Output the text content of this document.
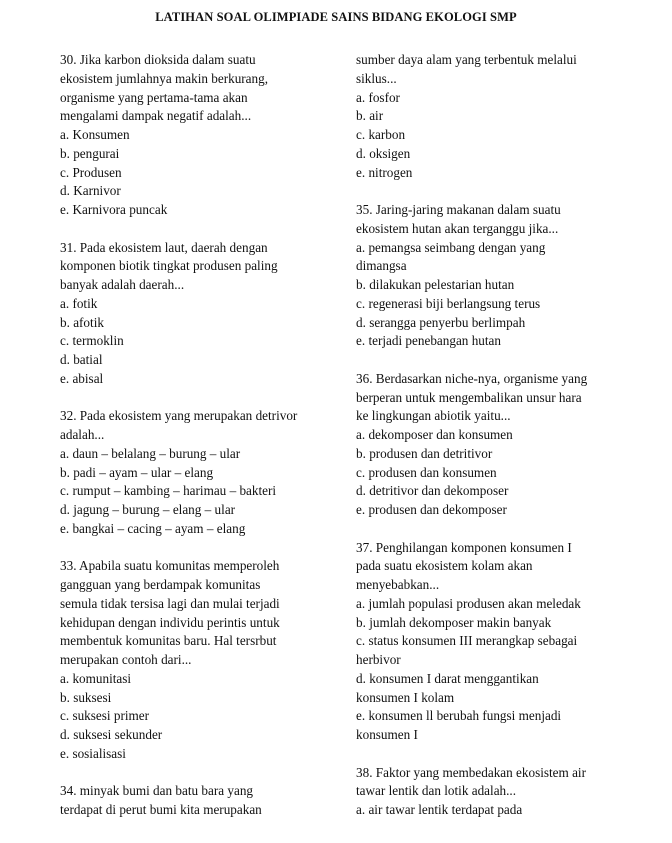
LATIHAN SOAL OLIMPIADE SAINS BIDANG EKOLOGI SMP
30. Jika karbon dioksida dalam suatu
ekosistem jumlahnya makin berkurang,
organisme yang pertama-tama akan
mengalami dampak negatif adalah...
a. Konsumen
b. pengurai
c. Produsen
d. Karnivor
e. Karnivora puncak
31. Pada ekosistem laut, daerah dengan
komponen biotik tingkat produsen paling
banyak adalah daerah...
a. fotik
b. afotik
c. termoklin
d. batial
e. abisal
32. Pada ekosistem yang merupakan detrivor
adalah...
a. daun – belalang – burung – ular
b. padi – ayam – ular – elang
c. rumput – kambing – harimau – bakteri
d. jagung – burung – elang – ular
e. bangkai – cacing – ayam – elang
33. Apabila suatu komunitas memperoleh
gangguan yang berdampak komunitas
semula tidak tersisa lagi dan mulai terjadi
kehidupan dengan individu perintis untuk
membentuk komunitas baru. Hal tersrbut
merupakan contoh dari...
a. komunitasi
b. suksesi
c. suksesi primer
d. suksesi sekunder
e. sosialisasi
34. minyak bumi dan batu bara yang
terdapat di perut bumi kita merupakan
sumber daya alam yang terbentuk melalui
siklus...
a. fosfor
b. air
c. karbon
d. oksigen
e. nitrogen
35. Jaring-jaring makanan dalam suatu
ekosistem hutan akan terganggu jika...
a. pemangsa seimbang dengan yang
dimangsa
b. dilakukan pelestarian hutan
c. regenerasi biji berlangsung terus
d. serangga penyerbu berlimpah
e. terjadi penebangan hutan
36. Berdasarkan niche-nya, organisme yang
berperan untuk mengembalikan unsur hara
ke lingkungan abiotik yaitu...
a. dekomposer dan konsumen
b. produsen dan detritivor
c. produsen dan konsumen
d. detritivor dan dekomposer
e. produsen dan dekomposer
37. Penghilangan komponen konsumen I
pada suatu ekosistem kolam akan
menyebabkan...
a. jumlah populasi produsen akan meledak
b. jumlah dekomposer makin banyak
c. status konsumen III merangkap sebagai
herbivor
d. konsumen I darat menggantikan
konsumen I kolam
e. konsumen ll berubah fungsi menjadi
konsumen I
38. Faktor yang membedakan ekosistem air
tawar lentik dan lotik adalah...
a. air tawar lentik terdapat pada
